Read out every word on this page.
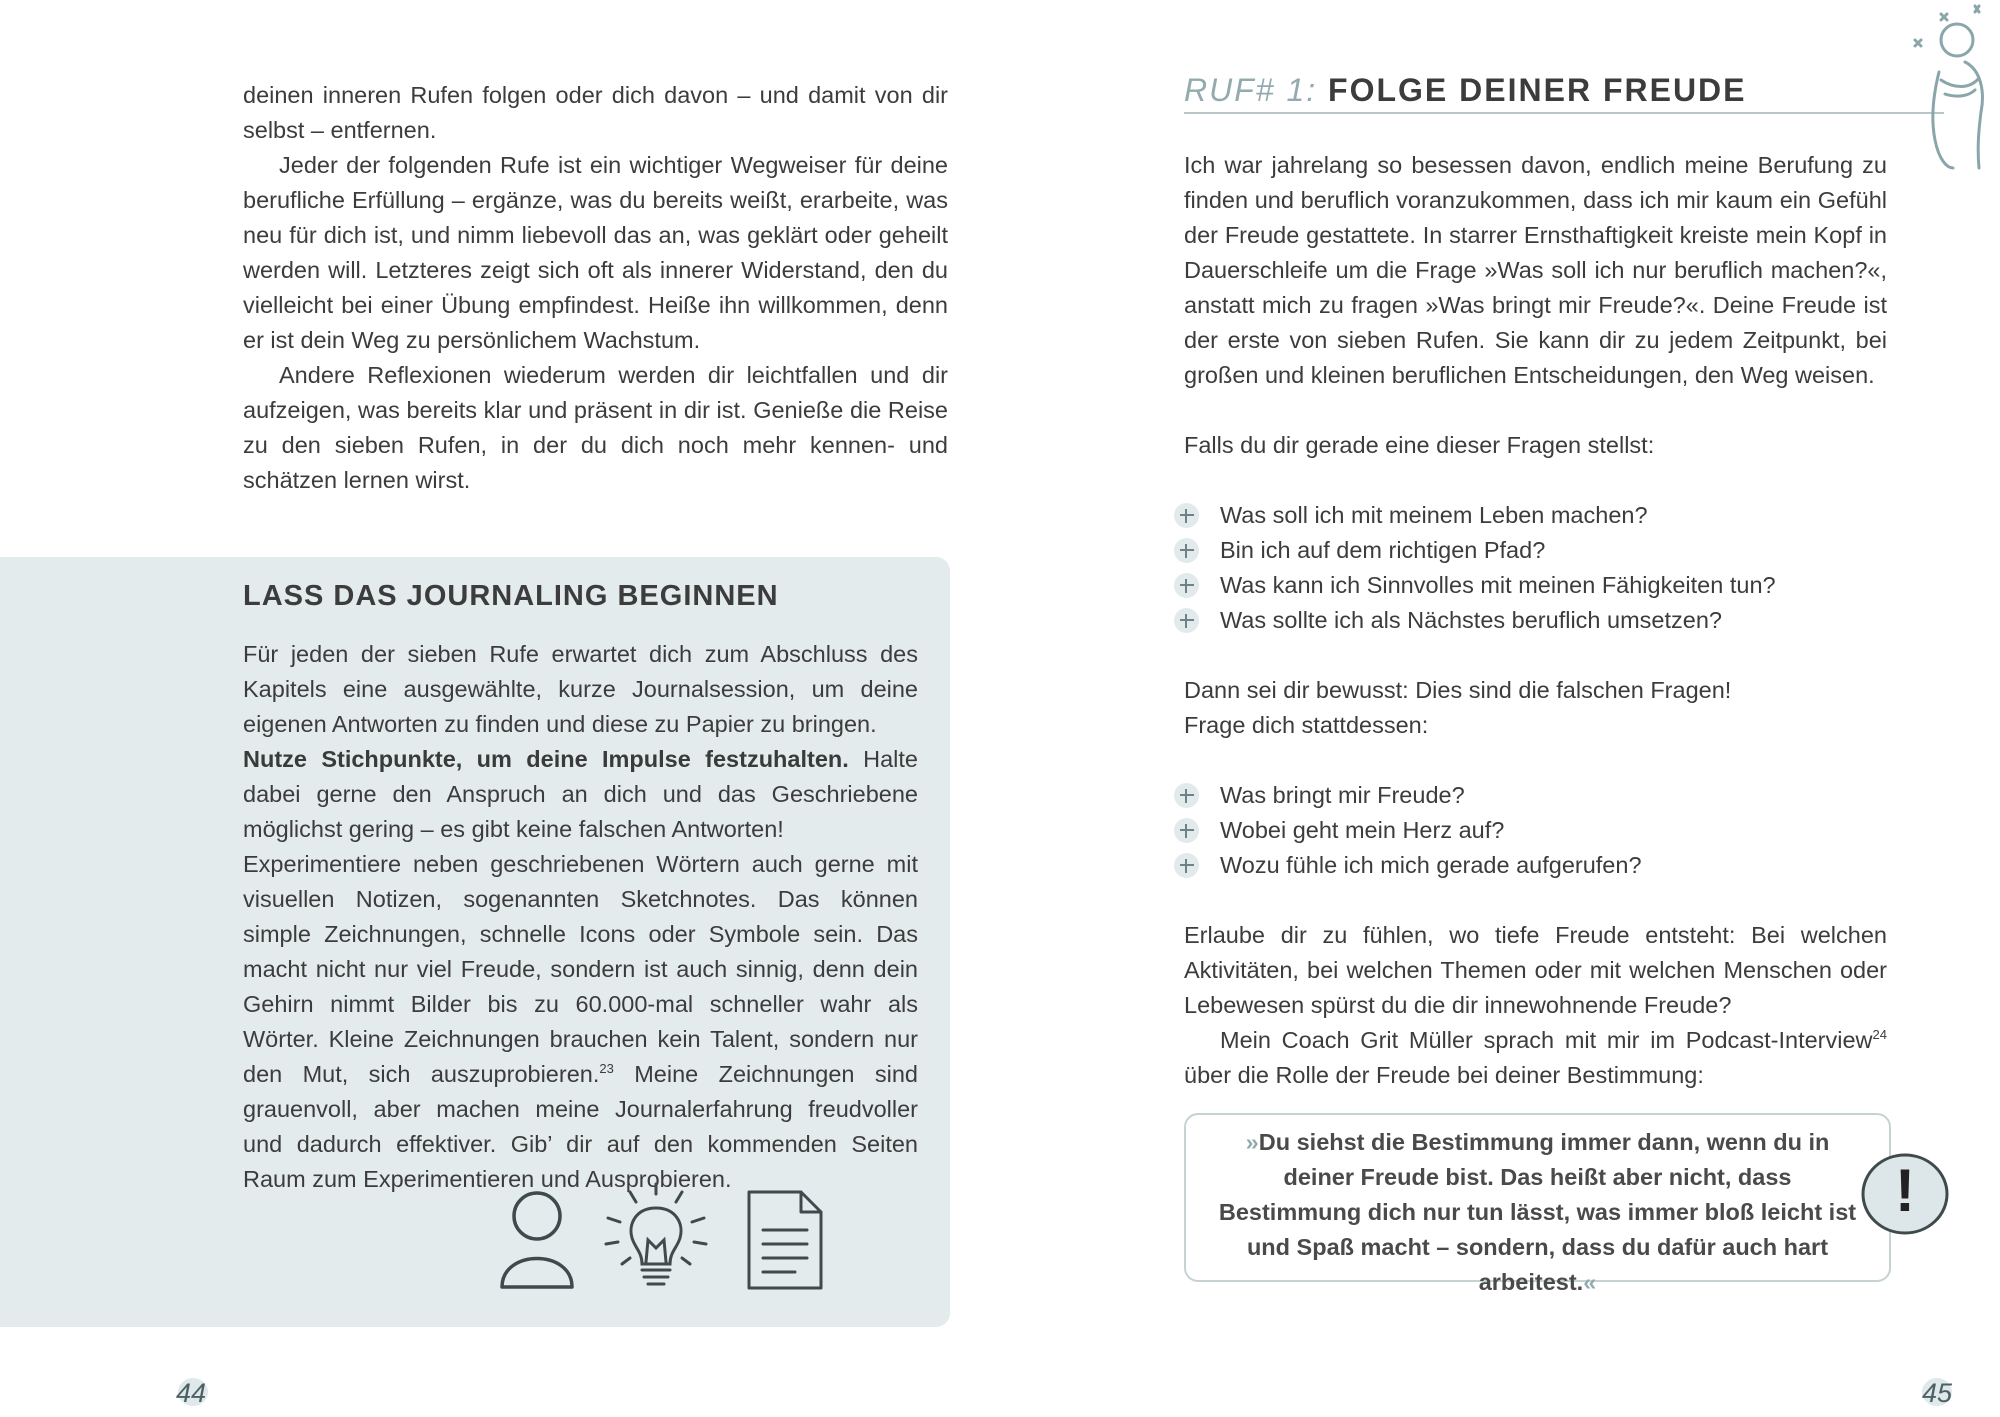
deinen inneren Rufen folgen oder dich davon – und damit von dir
selbst – entfernen.

Jeder der folgenden Rufe ist ein wichtiger Wegweiser für deine berufliche Erfüllung – ergänze, was du bereits weißt, erarbeite, was neu für dich ist, und nimm liebevoll das an, was geklärt oder geheilt werden will. Letzteres zeigt sich oft als innerer Widerstand, den du vielleicht bei einer Übung empfindest. Heiße ihn willkommen, denn er ist dein Weg zu persönlichem Wachstum.

Andere Reflexionen wiederum werden dir leichtfallen und dir aufzeigen, was bereits klar und präsent in dir ist. Genieße die Reise zu den sieben Rufen, in der du dich noch mehr kennen- und schätzen lernen wirst.

LASS DAS JOURNALING BEGINNEN

Für jeden der sieben Rufe erwartet dich zum Abschluss des Kapitels eine ausgewählte, kurze Journalsession, um deine eigenen Antworten zu finden und diese zu Papier zu bringen.

Nutze Stichpunkte, um deine Impulse festzuhalten. Halte dabei gerne den Anspruch an dich und das Geschriebene möglichst gering – es gibt keine falschen Antworten!

Experimentiere neben geschriebenen Wörtern auch gerne mit visuellen Notizen, sogenannten Sketchnotes. Das können simple Zeichnungen, schnelle Icons oder Symbole sein. Das macht nicht nur viel Freude, sondern ist auch sinnig, denn dein Gehirn nimmt Bilder bis zu 60.000-mal schneller wahr als Wörter. Kleine Zeichnungen brauchen kein Talent, sondern nur den Mut, sich auszuprobieren.$^{23}$ Meine Zeichnungen sind grauenvoll, aber machen meine Journalerfahrung freudvoller und dadurch effektiver. Gib’ dir auf den kommenden Seiten Raum zum Experimentieren und Ausprobieren.

44

RUF# 1: FOLGE DEINER FREUDE

Ich war jahrelang so besessen davon, endlich meine Berufung zu finden und beruflich voranzukommen, dass ich mir kaum ein Gefühl der Freude gestattete. In starrer Ernsthaftigkeit kreiste mein Kopf in Dauerschleife um die Frage »Was soll ich nur beruflich machen?«, anstatt mich zu fragen »Was bringt mir Freude?«. Deine Freude ist der erste von sieben Rufen. Sie kann dir zu jedem Zeitpunkt, bei großen und kleinen beruflichen Entscheidungen, den Weg weisen.

Falls du dir gerade eine dieser Fragen stellst:

Was soll ich mit meinem Leben machen?
Bin ich auf dem richtigen Pfad?
Was kann ich Sinnvolles mit meinen Fähigkeiten tun?
Was sollte ich als Nächstes beruflich umsetzen?

Dann sei dir bewusst: Dies sind die falschen Fragen!
Frage dich stattdessen:

Was bringt mir Freude?
Wobei geht mein Herz auf?
Wozu fühle ich mich gerade aufgerufen?

Erlaube dir zu fühlen, wo tiefe Freude entsteht: Bei welchen Aktivitäten, bei welchen Themen oder mit welchen Menschen oder Lebewesen spürst du die dir innewohnende Freude?

Mein Coach Grit Müller sprach mit mir im Podcast-Interview$^{24}$ über die Rolle der Freude bei deiner Bestimmung:

»Du siehst die Bestimmung immer dann, wenn du in deiner Freude bist. Das heißt aber nicht, dass Bestimmung dich nur tun lässt, was immer bloß leicht ist und Spaß macht – sondern, dass du dafür auch hart arbeitest.«

!

45
